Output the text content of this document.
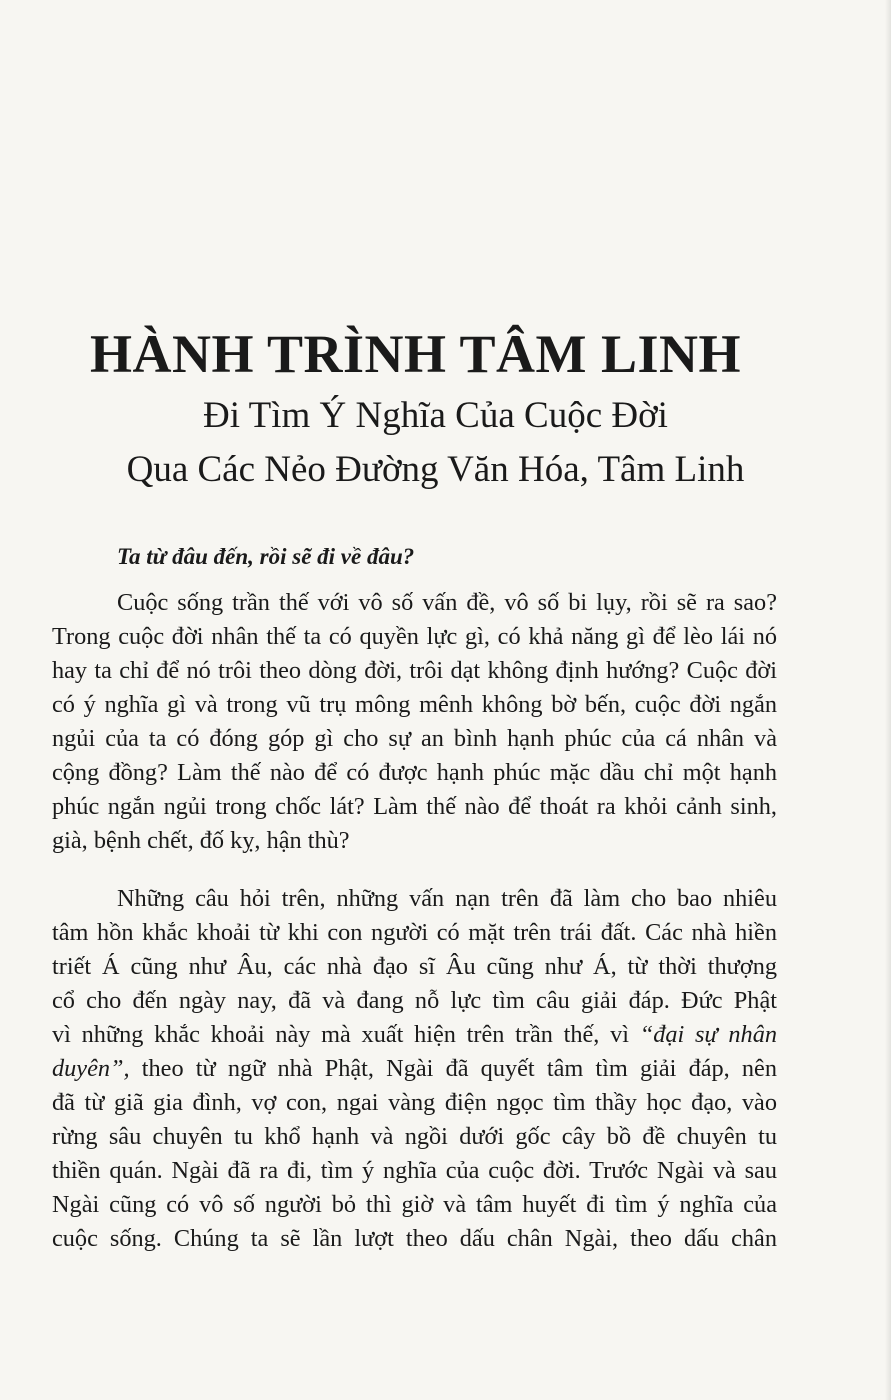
HÀNH TRÌNH TÂM LINH

Đi Tìm Ý Nghĩa Của Cuộc Đời

Qua Các Nẻo Đường Văn Hóa, Tâm Linh

Ta từ đâu đến, rồi sẽ đi về đâu?

Cuộc sống trần thế với vô số vấn đề, vô số bi lụy, rồi sẽ ra sao?

Trong cuộc đời nhân thế ta có quyền lực gì, có khả năng gì để lèo lái nó

hay ta chỉ để nó trôi theo dòng đời, trôi dạt không định hướng? Cuộc đời

có ý nghĩa gì và trong vũ trụ mông mênh không bờ bến, cuộc đời ngắn

ngủi của ta có đóng góp gì cho sự an bình hạnh phúc của cá nhân và

cộng đồng? Làm thế nào để có được hạnh phúc mặc dầu chỉ một hạnh

phúc ngắn ngủi trong chốc lát? Làm thế nào để thoát ra khỏi cảnh sinh,

già, bệnh chết, đố kỵ, hận thù?

Những câu hỏi trên, những vấn nạn trên đã làm cho bao nhiêu

tâm hồn khắc khoải từ khi con người có mặt trên trái đất. Các nhà hiền

triết Á cũng như Âu, các nhà đạo sĩ Âu cũng như Á, từ thời thượng

cổ cho đến ngày nay, đã và đang nỗ lực tìm câu giải đáp. Đức Phật

vì những khắc khoải này mà xuất hiện trên trần thế, vì “đại sự nhân

duyên”, theo từ ngữ nhà Phật, Ngài đã quyết tâm tìm giải đáp, nên

đã từ giã gia đình, vợ con, ngai vàng điện ngọc tìm thầy học đạo, vào

rừng sâu chuyên tu khổ hạnh và ngồi dưới gốc cây bồ đề chuyên tu

thiền quán. Ngài đã ra đi, tìm ý nghĩa của cuộc đời. Trước Ngài và sau

Ngài cũng có vô số người bỏ thì giờ và tâm huyết đi tìm ý nghĩa của

cuộc sống. Chúng ta sẽ lần lượt theo dấu chân Ngài, theo dấu chân
